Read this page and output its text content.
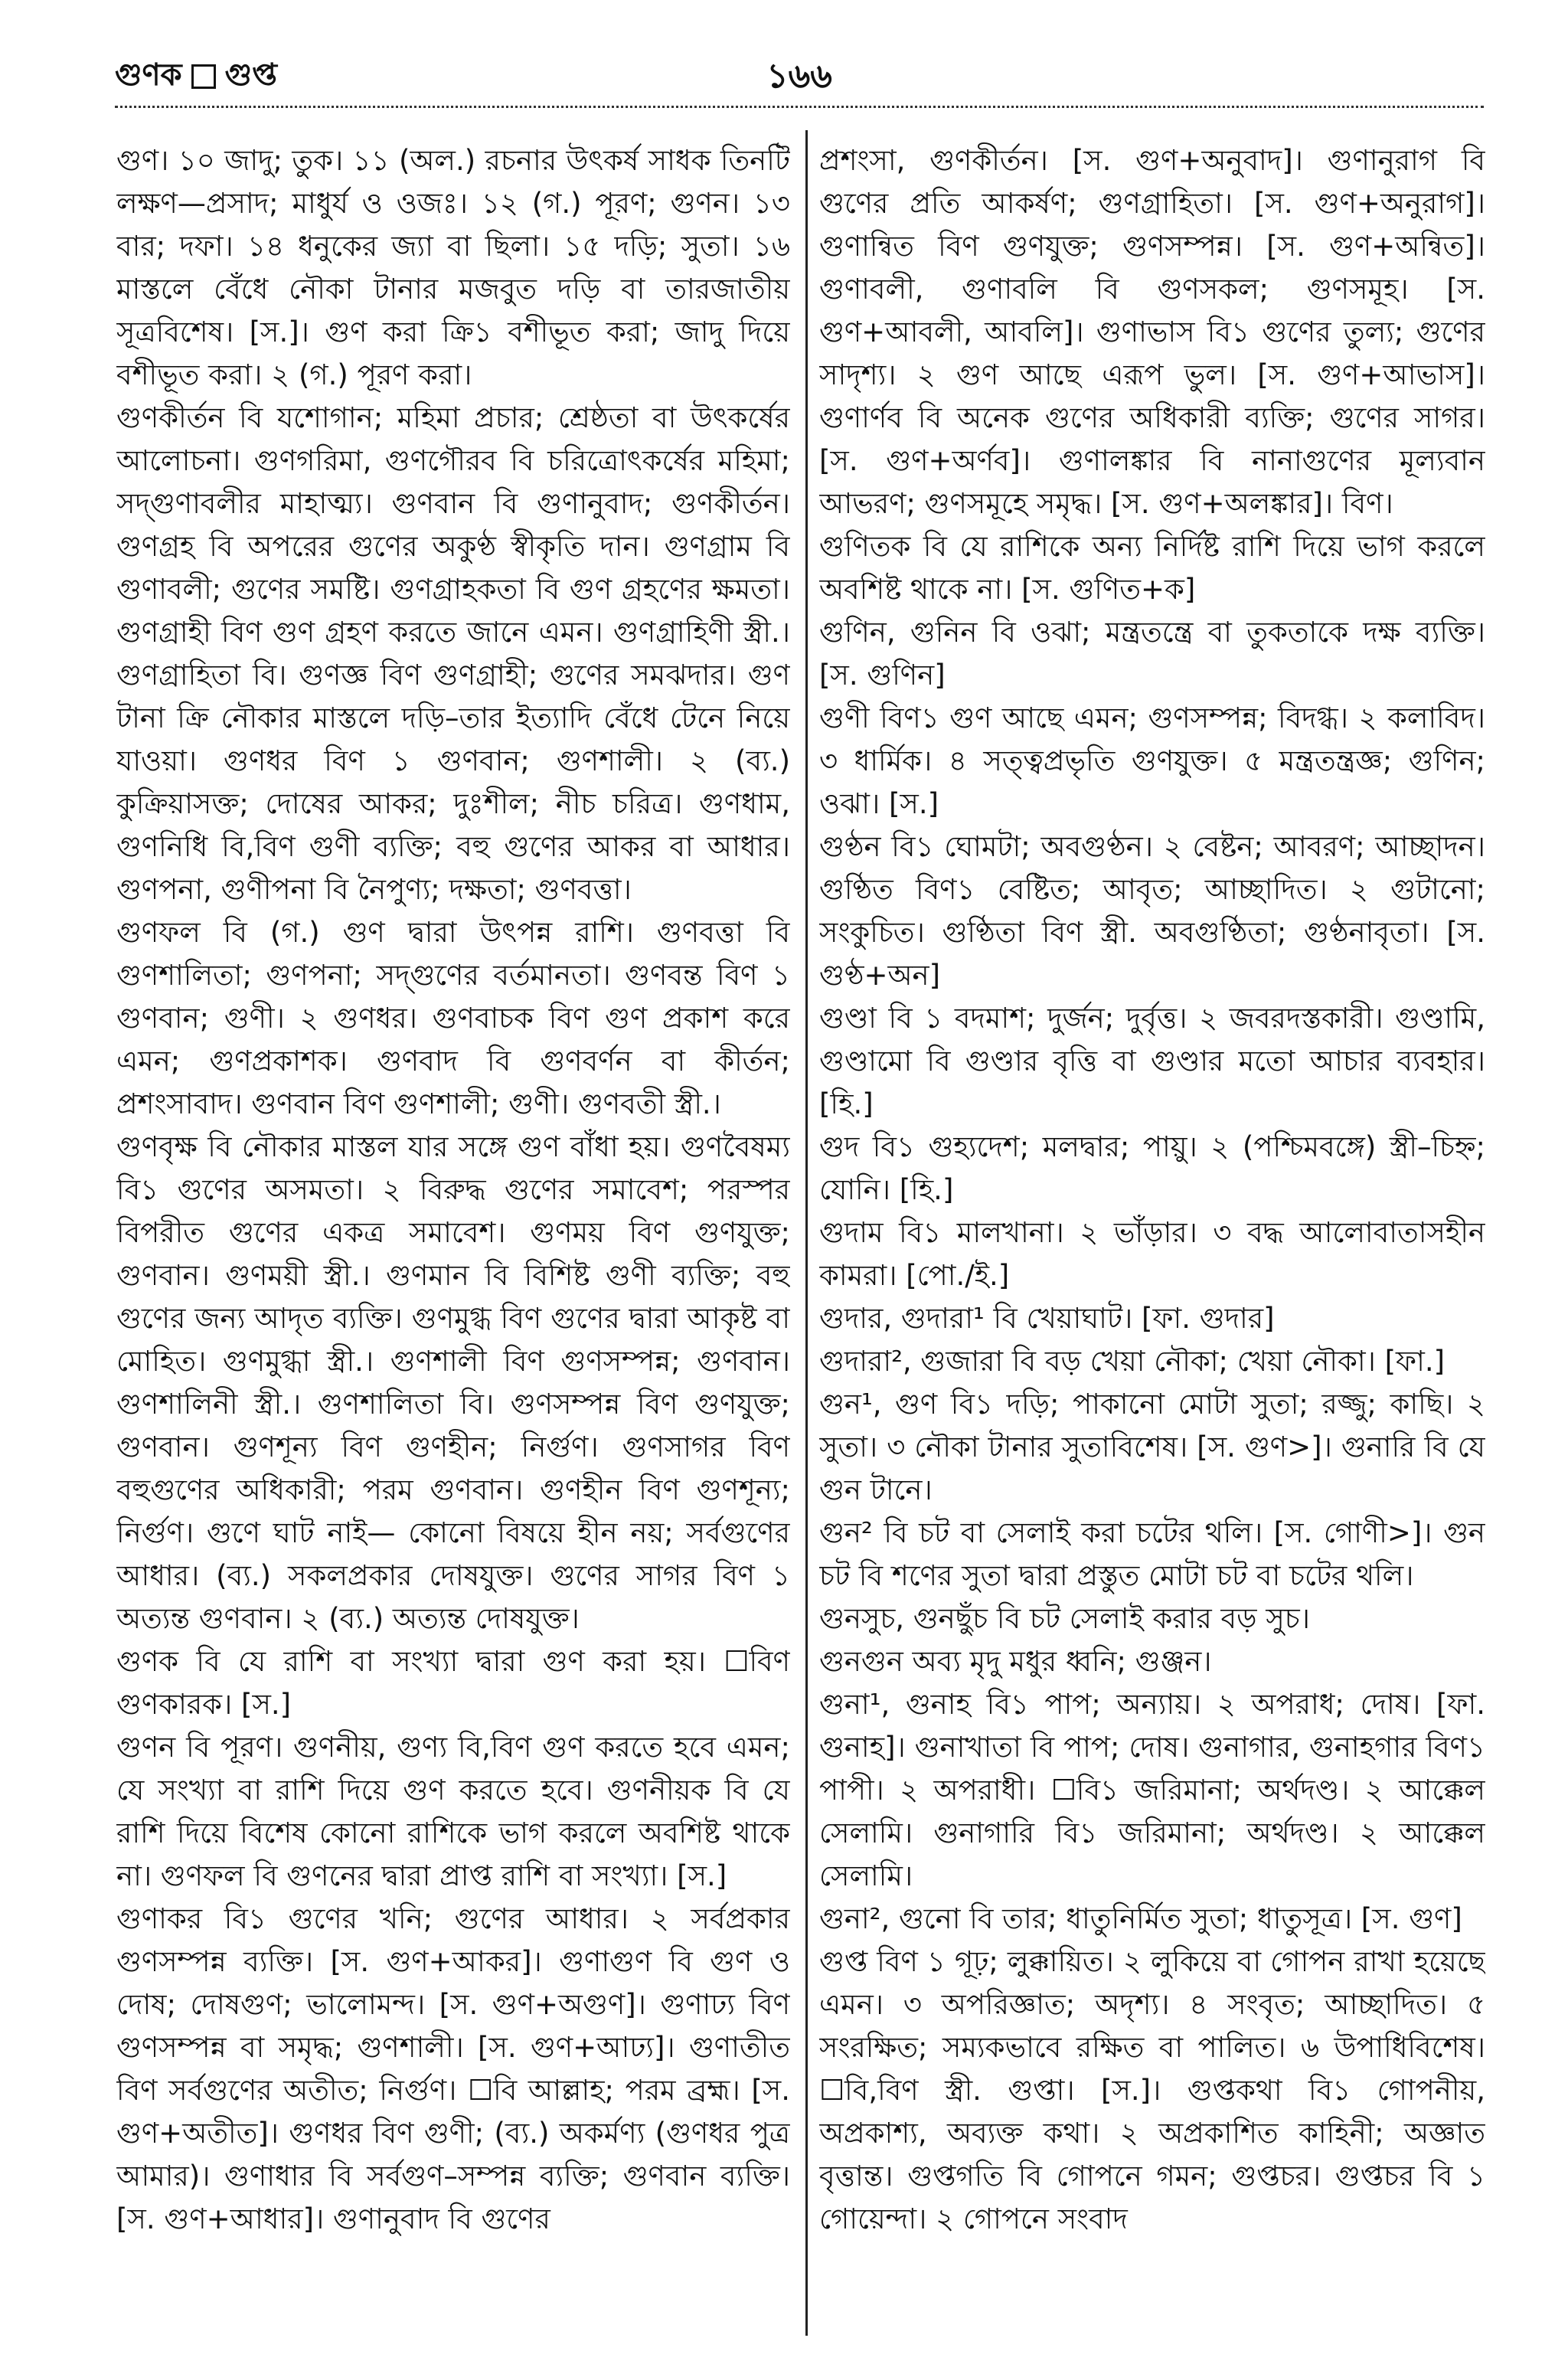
গুণক গুপ্ত	১৬৬

গুণ। ১০ জাদু; তুক। ১১ (অল.) রচনার উৎকর্ষ সাধক তিনটি লক্ষণ—প্রসাদ; মাধুর্য ও ওজঃ। ১২ (গ.) পূরণ; গুণন। ১৩ বার; দফা। ১৪ ধনুকের জ্যা বা ছিলা। ১৫ দড়ি; সুতা। ১৬ মাস্তলে বেঁধে নৌকা টানার মজবুত দড়ি বা তারজাতীয় সূত্রবিশেষ। [স.]। গুণ করা ক্রি১ বশীভূত করা; জাদু দিয়ে বশীভূত করা। ২ (গ.) পূরণ করা।

গুণকীর্তন বি যশোগান; মহিমা প্রচার; শ্রেষ্ঠতা বা উৎকর্ষের আলোচনা। গুণগরিমা, গুণগৌরব বি চরিত্রোৎকর্ষের মহিমা; সদ্‌গুণাবলীর মাহাত্ম্য। গুণবান বি গুণানুবাদ; গুণকীর্তন। গুণগ্রহ বি অপরের গুণের অকুণ্ঠ স্বীকৃতি দান। গুণগ্রাম বি গুণাবলী; গুণের সমষ্টি। গুণগ্রাহকতা বি গুণ গ্রহণের ক্ষমতা। গুণগ্রাহী বিণ গুণ গ্রহণ করতে জানে এমন। গুণগ্রাহিণী স্ত্রী.। গুণগ্রাহিতা বি। গুণজ্ঞ বিণ গুণগ্রাহী; গুণের সমঝদার। গুণ টানা ক্রি নৌকার মাস্তলে দড়ি–তার ইত্যাদি বেঁধে টেনে নিয়ে যাওয়া। গুণধর বিণ ১ গুণবান; গুণশালী। ২ (ব্য.) কুক্রিয়াসক্ত; দোষের আকর; দুঃশীল; নীচ চরিত্র। গুণধাম, গুণনিধি বি,বিণ গুণী ব্যক্তি; বহু গুণের আকর বা আধার। গুণপনা, গুণীপনা বি নৈপুণ্য; দক্ষতা; গুণবত্তা।

গুণফল বি (গ.) গুণ দ্বারা উৎপন্ন রাশি। গুণবত্তা বি গুণশালিতা; গুণপনা; সদ্‌গুণের বর্তমানতা। গুণবন্ত বিণ ১ গুণবান; গুণী। ২ গুণধর। গুণবাচক বিণ গুণ প্রকাশ করে এমন; গুণপ্রকাশক। গুণবাদ বি গুণবর্ণন বা কীর্তন; প্রশংসাবাদ। গুণবান বিণ গুণশালী; গুণী। গুণবতী স্ত্রী.।

গুণবৃক্ষ বি নৌকার মাস্তল যার সঙ্গে গুণ বাঁধা হয়। গুণবৈষম্য বি১ গুণের অসমতা। ২ বিরুদ্ধ গুণের সমাবেশ; পরস্পর বিপরীত গুণের একত্র সমাবেশ। গুণময় বিণ গুণযুক্ত; গুণবান। গুণময়ী স্ত্রী.। গুণমান বি বিশিষ্ট গুণী ব্যক্তি; বহু গুণের জন্য আদৃত ব্যক্তি। গুণমুগ্ধ বিণ গুণের দ্বারা আকৃষ্ট বা মোহিত। গুণমুগ্ধা স্ত্রী.। গুণশালী বিণ গুণসম্পন্ন; গুণবান। গুণশালিনী স্ত্রী.। গুণশালিতা বি। গুণসম্পন্ন বিণ গুণযুক্ত; গুণবান। গুণশূন্য বিণ গুণহীন; নির্গুণ। গুণসাগর বিণ বহুগুণের অধিকারী; পরম গুণবান। গুণহীন বিণ গুণশূন্য; নির্গুণ। গুণে ঘাট নাই— কোনো বিষয়ে হীন নয়; সর্বগুণের আধার। (ব্য.) সকলপ্রকার দোষযুক্ত। গুণের সাগর বিণ ১ অত্যন্ত গুণবান। ২ (ব্য.) অত্যন্ত দোষযুক্ত।

গুণক বি যে রাশি বা সংখ্যা দ্বারা গুণ করা হয়। ☐বিণ গুণকারক। [স.]

গুণন বি পূরণ। গুণনীয়, গুণ্য বি,বিণ গুণ করতে হবে এমন; যে সংখ্যা বা রাশি দিয়ে গুণ করতে হবে। গুণনীয়ক বি যে রাশি দিয়ে বিশেষ কোনো রাশিকে ভাগ করলে অবশিষ্ট থাকে না। গুণফল বি গুণনের দ্বারা প্রাপ্ত রাশি বা সংখ্যা। [স.]

গুণাকর বি১ গুণের খনি; গুণের আধার। ২ সর্বপ্রকার গুণসম্পন্ন ব্যক্তি। [স. গুণ+আকর]। গুণাগুণ বি গুণ ও দোষ; দোষগুণ; ভালোমন্দ। [স. গুণ+অগুণ]। গুণাঢ্য বিণ গুণসম্পন্ন বা সমৃদ্ধ; গুণশালী। [স. গুণ+আঢ্য]। গুণাতীত বিণ সর্বগুণের অতীত; নির্গুণ। ☐বি আল্লাহ; পরম ব্রহ্ম। [স. গুণ+অতীত]। গুণধর বিণ গুণী; (ব্য.) অকর্মণ্য (গুণধর পুত্র আমার)। গুণাধার বি সর্বগুণ–সম্পন্ন ব্যক্তি; গুণবান ব্যক্তি। [স. গুণ+আধার]। গুণানুবাদ বি গুণের

প্রশংসা, গুণকীর্তন। [স. গুণ+অনুবাদ]। গুণানুরাগ বি গুণের প্রতি আকর্ষণ; গুণগ্রাহিতা। [স. গুণ+অনুরাগ]। গুণান্বিত বিণ গুণযুক্ত; গুণসম্পন্ন। [স. গুণ+অন্বিত]। গুণাবলী, গুণাবলি বি গুণসকল; গুণসমূহ। [স. গুণ+আবলী, আবলি]। গুণাভাস বি১ গুণের তুল্য; গুণের সাদৃশ্য। ২ গুণ আছে এরূপ ভুল। [স. গুণ+আভাস]। গুণার্ণব বি অনেক গুণের অধিকারী ব্যক্তি; গুণের সাগর। [স. গুণ+অর্ণব]। গুণালঙ্কার বি নানাগুণের মূল্যবান আভরণ; গুণসমূহে সমৃদ্ধ। [স. গুণ+অলঙ্কার]। বিণ।

গুণিতক বি যে রাশিকে অন্য নির্দিষ্ট রাশি দিয়ে ভাগ করলে অবশিষ্ট থাকে না। [স. গুণিত+ক]

গুণিন, গুনিন বি ওঝা; মন্ত্রতন্ত্রে বা তুকতাকে দক্ষ ব্যক্তি। [স. গুণিন]

গুণী বিণ১ গুণ আছে এমন; গুণসম্পন্ন; বিদগ্ধ। ২ কলাবিদ। ৩ ধার্মিক। ৪ সত্ত্বপ্রভৃতি গুণযুক্ত। ৫ মন্ত্রতন্ত্রজ্ঞ; গুণিন; ওঝা। [স.]

গুণ্ঠন বি১ ঘোমটা; অবগুণ্ঠন। ২ বেষ্টন; আবরণ; আচ্ছাদন। গুণ্ঠিত বিণ১ বেষ্টিত; আবৃত; আচ্ছাদিত। ২ গুটানো; সংকুচিত। গুণ্ঠিতা বিণ স্ত্রী. অবগুণ্ঠিতা; গুণ্ঠনাবৃতা। [স. গুণ্ঠ+অন]

গুণ্ডা বি ১ বদমাশ; দুর্জন; দুর্বৃত্ত। ২ জবরদস্তকারী। গুণ্ডামি, গুণ্ডামো বি গুণ্ডার বৃত্তি বা গুণ্ডার মতো আচার ব্যবহার। [হি.]

গুদ বি১ গুহ্যদেশ; মলদ্বার; পায়ু। ২ (পশ্চিমবঙ্গে) স্ত্রী–চিহ্ন; যোনি। [হি.]

গুদাম বি১ মালখানা। ২ ভাঁড়ার। ৩ বদ্ধ আলোবাতাসহীন কামরা। [পো./ই.]

গুদার, গুদারা¹ বি খেয়াঘাট। [ফা. গুদার]

গুদারা², গুজারা বি বড় খেয়া নৌকা; খেয়া নৌকা। [ফা.]

গুন¹, গুণ বি১ দড়ি; পাকানো মোটা সুতা; রজ্জু; কাছি। ২ সুতা। ৩ নৌকা টানার সুতাবিশেষ। [স. গুণ>]। গুনারি বি যে গুন টানে।

গুন² বি চট বা সেলাই করা চটের থলি। [স. গোণী>]। গুন চট বি শণের সুতা দ্বারা প্রস্তুত মোটা চট বা চটের থলি।

গুনসুচ, গুনছুঁচ বি চট সেলাই করার বড় সুচ।

গুনগুন অব্য মৃদু মধুর ধ্বনি; গুঞ্জন।

গুনা¹, গুনাহ বি১ পাপ; অন্যায়। ২ অপরাধ; দোষ। [ফা. গুনাহ]। গুনাখাতা বি পাপ; দোষ। গুনাগার, গুনাহগার বিণ১ পাপী। ২ অপরাধী। ☐বি১ জরিমানা; অর্থদণ্ড। ২ আক্কেল সেলামি। গুনাগারি বি১ জরিমানা; অর্থদণ্ড। ২ আক্কেল সেলামি।

গুনা², গুনো বি তার; ধাতুনির্মিত সুতা; ধাতুসূত্র। [স. গুণ]

গুপ্ত বিণ ১ গূঢ়; লুক্কায়িত। ২ লুকিয়ে বা গোপন রাখা হয়েছে এমন। ৩ অপরিজ্ঞাত; অদৃশ্য। ৪ সংবৃত; আচ্ছাদিত। ৫ সংরক্ষিত; সম্যকভাবে রক্ষিত বা পালিত। ৬ উপাধিবিশেষ। ☐বি,বিণ স্ত্রী. গুপ্তা। [স.]। গুপ্তকথা বি১ গোপনীয়, অপ্রকাশ্য, অব্যক্ত কথা। ২ অপ্রকাশিত কাহিনী; অজ্ঞাত বৃত্তান্ত। গুপ্তগতি বি গোপনে গমন; গুপ্তচর। গুপ্তচর বি ১ গোয়েন্দা। ২ গোপনে সংবাদ
